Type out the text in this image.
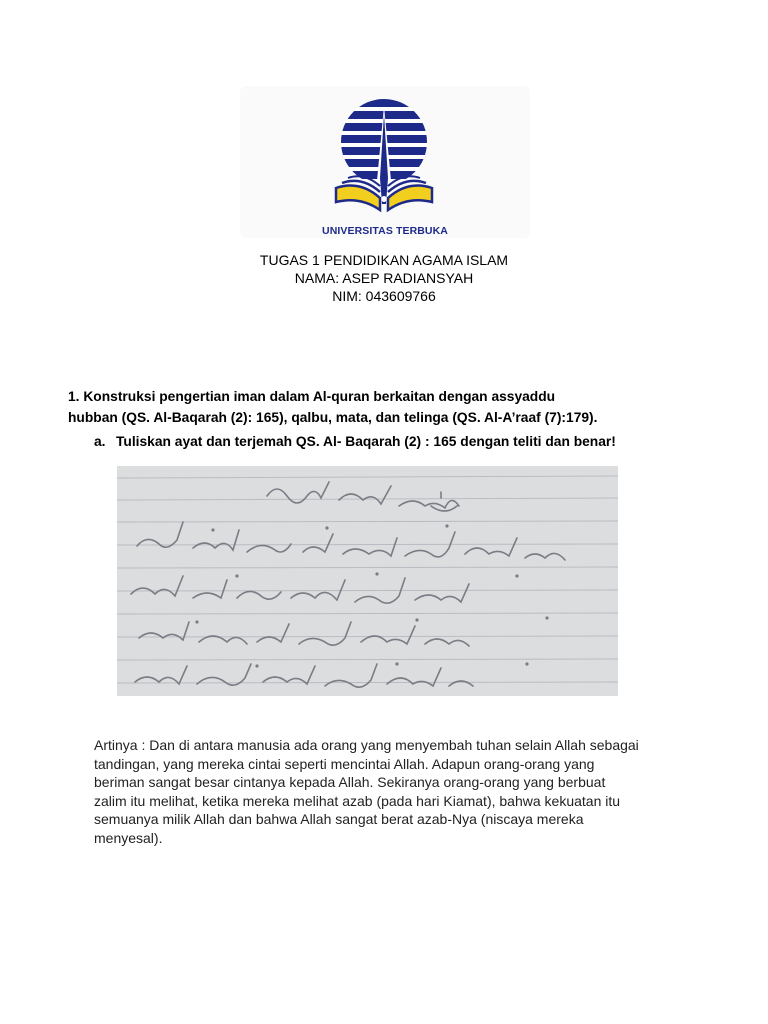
UNIVERSITAS TERBUKA
TUGAS 1 PENDIDIKAN AGAMA ISLAM
NAMA: ASEP RADIANSYAH
NIM: 043609766
1. Konstruksi pengertian iman dalam Al-quran berkaitan dengan assyaddu
hubban (QS. Al-Baqarah (2): 165), qalbu, mata, dan telinga (QS. Al-A’raaf (7):179).
a. Tuliskan ayat dan terjemah QS. Al- Baqarah (2) : 165 dengan teliti dan benar!
Artinya : Dan di antara manusia ada orang yang menyembah tuhan selain Allah sebagai
tandingan, yang mereka cintai seperti mencintai Allah. Adapun orang-orang yang
beriman sangat besar cintanya kepada Allah. Sekiranya orang-orang yang berbuat
zalim itu melihat, ketika mereka melihat azab (pada hari Kiamat), bahwa kekuatan itu
semuanya milik Allah dan bahwa Allah sangat berat azab-Nya (niscaya mereka
menyesal).
